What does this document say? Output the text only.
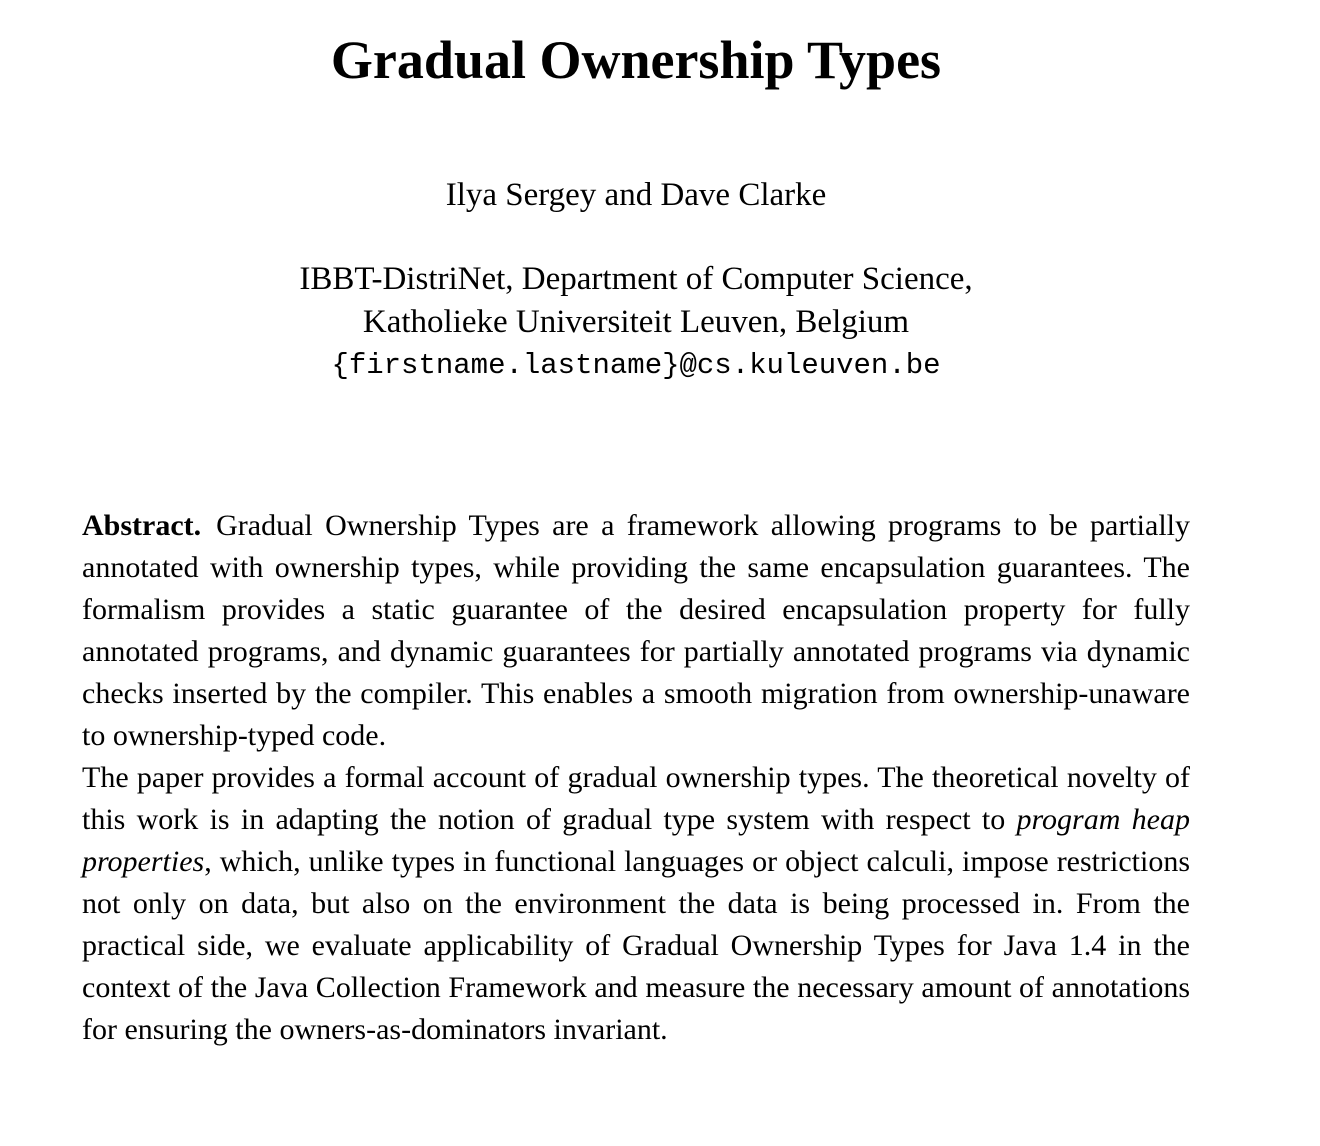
Gradual Ownership Types
Ilya Sergey and Dave Clarke
IBBT-DistriNet, Department of Computer Science,
Katholieke Universiteit Leuven, Belgium
{firstname.lastname}@cs.kuleuven.be

Abstract. Gradual Ownership Types are a framework allowing programs to be partially annotated with ownership types, while providing the same encapsulation guarantees. The formalism provides a static guarantee of the desired encapsulation property for fully annotated programs, and dynamic guarantees for partially annotated programs via dynamic checks inserted by the compiler. This enables a smooth migration from ownership-unaware to ownership-typed code.

The paper provides a formal account of gradual ownership types. The theoretical novelty of this work is in adapting the notion of gradual type system with respect to program heap properties, which, unlike types in functional languages or object calculi, impose restrictions not only on data, but also on the environment the data is being processed in. From the practical side, we evaluate applicability of Gradual Ownership Types for Java 1.4 in the context of the Java Collection Framework and measure the necessary amount of annotations for ensuring the owners-as-dominators invariant.
